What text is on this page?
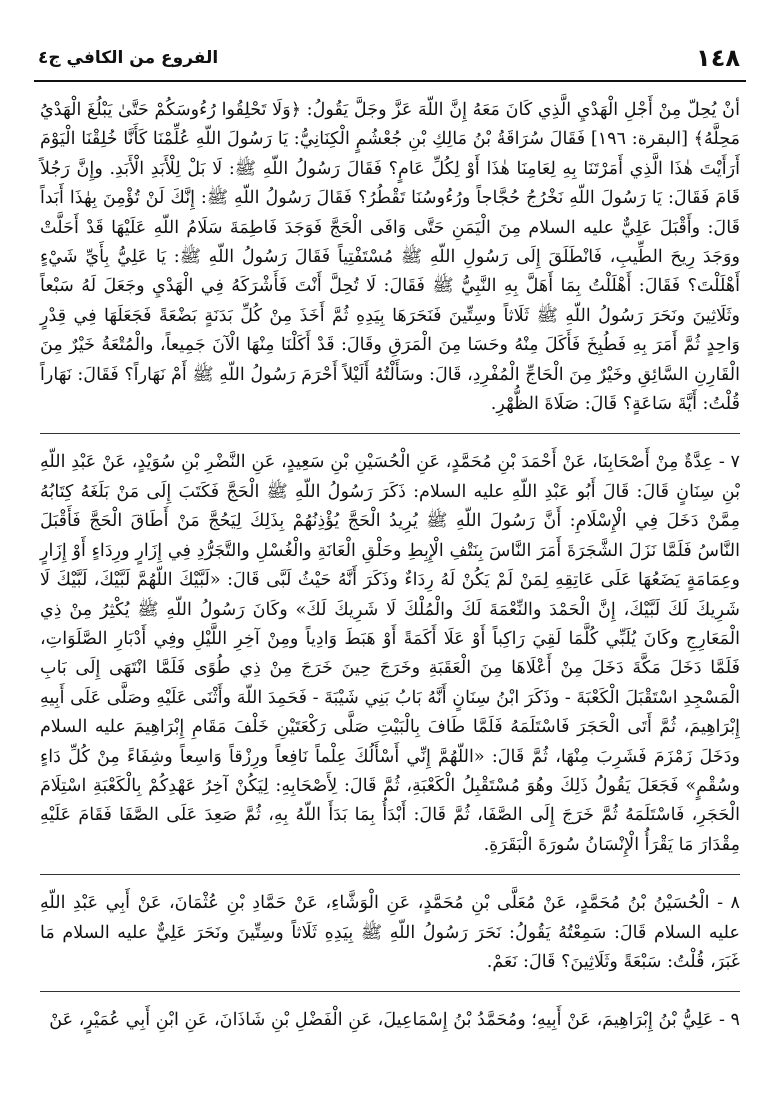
١٤٨
الفروع من الكافي ج٤

أنْ يُحِلّ مِنْ أَجْلِ الْهَدْيِ الَّذِي كَانَ مَعَهُ إِنَّ اللّهَ عَزَّ وجَلَّ يَقُولُ: ﴿وَلَا تَحْلِقُوا رُءُوسَكُمْ حَتَّىٰ يَبْلُغَ الْهَدْيُ مَحِلَّهُ﴾ [البقرة: ١٩٦] فَقَالَ سُرَاقَةُ بْنُ مَالِكِ بْنِ جُعْشُمٍ الْكِنَانِيُّ: يَا رَسُولَ اللّهِ عُلِّمْنَا كَأَنَّا خُلِقْنَا الْيَوْمَ أَرَأَيْتَ هٰذَا الَّذِي أَمَرْتَنَا بِهِ لِعَامِنَا هٰذَا أَوْ لِكُلِّ عَامٍ؟ فَقَالَ رَسُولُ اللّهِ ﷺ: لَا بَلْ لِلْأَبَدِ الْأَبَدِ. وإِنَّ رَجُلاً قَامَ فَقَالَ: يَا رَسُولَ اللّهِ نَخْرُجُ حُجَّاجاً ورُءُوسُنَا تَقْطُرُ؟ فَقَالَ رَسُولُ اللّهِ ﷺ: إِنَّكَ لَنْ تُؤْمِنَ بِهٰذَا أَبَداً قَالَ: وأَقْبَلَ عَلِيٌّ عليه السلام مِنَ الْيَمَنِ حَتَّى وَافَى الْحَجَّ فَوَجَدَ فَاطِمَةَ سَلَامُ اللّهِ عَلَيْهَا قَدْ أَحَلَّتْ ووَجَدَ رِيحَ الطِّيبِ، فَانْطَلَقَ إِلَى رَسُولِ اللّهِ ﷺ مُسْتَفْتِياً فَقَالَ رَسُولُ اللّهِ ﷺ: يَا عَلِيُّ بِأَيِّ شَيْءٍ أَهْلَلْتَ؟ فَقَالَ: أَهْلَلْتُ بِمَا أَهَلَّ بِهِ النَّبِيُّ ﷺ فَقَالَ: لَا تُحِلَّ أَنْتَ فَأَشْرَكَهُ فِي الْهَدْيِ وجَعَلَ لَهُ سَبْعاً وثَلَاثِينَ ونَحَرَ رَسُولُ اللّهِ ﷺ ثَلَاثاً وسِتِّينَ فَنَحَرَهَا بِيَدِهِ ثُمَّ أَخَذَ مِنْ كُلِّ بَدَنَةٍ بَضْعَةً فَجَعَلَهَا فِي قِدْرٍ وَاحِدٍ ثُمَّ أَمَرَ بِهِ فَطُبِخَ فَأَكَلَ مِنْهُ وحَسَا مِنَ الْمَرَقِ وقَالَ: قَدْ أَكَلْنَا مِنْهَا الْآنَ جَمِيعاً، والْمُتْعَةُ خَيْرٌ مِنَ الْقَارِنِ السَّائِقِ وخَيْرٌ مِنَ الْحَاجِّ الْمُفْرِدِ، قَالَ: وسَأَلْتُهُ أَلَيْلاً أَحْرَمَ رَسُولُ اللّهِ ﷺ أَمْ نَهَاراً؟ فَقَالَ: نَهَاراً قُلْتُ: أَيَّةَ سَاعَةٍ؟ قَالَ: صَلَاةَ الظُّهْرِ.

٧ - عِدَّةٌ مِنْ أَصْحَابِنَا، عَنْ أَحْمَدَ بْنِ مُحَمَّدٍ، عَنِ الْحُسَيْنِ بْنِ سَعِيدٍ، عَنِ النَّضْرِ بْنِ سُوَيْدٍ، عَنْ عَبْدِ اللّهِ بْنِ سِنَانٍ قَالَ: قَالَ أَبُو عَبْدِ اللّهِ عليه السلام: ذَكَرَ رَسُولُ اللّهِ ﷺ الْحَجَّ فَكَتَبَ إِلَى مَنْ بَلَغَهُ كِتَابُهُ مِمَّنْ دَخَلَ فِي الْإِسْلَامِ: أَنَّ رَسُولَ اللّهِ ﷺ يُرِيدُ الْحَجَّ يُؤْذِنُهُمْ بِذَلِكَ لِيَحُجَّ مَنْ أَطَاقَ الْحَجَّ فَأَقْبَلَ النَّاسُ فَلَمَّا نَزَلَ الشَّجَرَةَ أَمَرَ النَّاسَ بِنَتْفِ الْإِبِطِ وحَلْقِ الْعَانَةِ والْغُسْلِ والتَّجَرُّدِ فِي إِزَارٍ ورِدَاءٍ أَوْ إِزَارٍ وعِمَامَةٍ يَضَعُهَا عَلَى عَاتِقِهِ لِمَنْ لَمْ يَكُنْ لَهُ رِدَاءٌ وذَكَرَ أَنَّهُ حَيْثُ لَبَّى قَالَ: «لَبَّيْكَ اللّهُمَّ لَبَّيْكَ، لَبَّيْكَ لَا شَرِيكَ لَكَ لَبَّيْكَ، إِنَّ الْحَمْدَ والنِّعْمَةَ لَكَ والْمُلْكَ لَا شَرِيكَ لَكَ» وكَانَ رَسُولُ اللّهِ ﷺ يُكْثِرُ مِنْ ذِي الْمَعَارِجِ وكَانَ يُلَبِّي كُلَّمَا لَقِيَ رَاكِباً أَوْ عَلَا أَكَمَةً أَوْ هَبَطَ وَادِياً ومِنْ آخِرِ اللَّيْلِ وفِي أَدْبَارِ الصَّلَوَاتِ، فَلَمَّا دَخَلَ مَكَّةَ دَخَلَ مِنْ أَعْلَاهَا مِنَ الْعَقَبَةِ وخَرَجَ حِينَ خَرَجَ مِنْ ذِي طُوًى فَلَمَّا انْتَهَى إِلَى بَابِ الْمَسْجِدِ اسْتَقْبَلَ الْكَعْبَةَ - وذَكَرَ ابْنُ سِنَانٍ أَنَّهُ بَابُ بَنِي شَيْبَةَ - فَحَمِدَ اللّهَ وأَثْنَى عَلَيْهِ وصَلَّى عَلَى أَبِيهِ إِبْرَاهِيمَ، ثُمَّ أَتَى الْحَجَرَ فَاسْتَلَمَهُ فَلَمَّا طَافَ بِالْبَيْتِ صَلَّى رَكْعَتَيْنِ خَلْفَ مَقَامِ إِبْرَاهِيمَ عليه السلام ودَخَلَ زَمْزَمَ فَشَرِبَ مِنْهَا، ثُمَّ قَالَ: «اللّهُمَّ إِنِّي أَسْأَلُكَ عِلْماً نَافِعاً ورِزْقاً وَاسِعاً وشِفَاءً مِنْ كُلِّ دَاءٍ وسُقْمٍ» فَجَعَلَ يَقُولُ ذَلِكَ وهُوَ مُسْتَقْبِلُ الْكَعْبَةِ، ثُمَّ قَالَ: لِأَصْحَابِهِ: لِيَكُنْ آخِرُ عَهْدِكُمْ بِالْكَعْبَةِ اسْتِلَامَ الْحَجَرِ، فَاسْتَلَمَهُ ثُمَّ خَرَجَ إِلَى الصَّفَا، ثُمَّ قَالَ: أَبْدَأُ بِمَا بَدَأَ اللّهُ بِهِ، ثُمَّ صَعِدَ عَلَى الصَّفَا فَقَامَ عَلَيْهِ مِقْدَارَ مَا يَقْرَأُ الْإِنْسَانُ سُورَةَ الْبَقَرَةِ.

٨ - الْحُسَيْنُ بْنُ مُحَمَّدٍ، عَنْ مُعَلَّى بْنِ مُحَمَّدٍ، عَنِ الْوَشَّاءِ، عَنْ حَمَّادِ بْنِ عُثْمَانَ، عَنْ أَبِي عَبْدِ اللّهِ عليه السلام قَالَ: سَمِعْتُهُ يَقُولُ: نَحَرَ رَسُولُ اللّهِ ﷺ بِيَدِهِ ثَلَاثاً وسِتِّينَ ونَحَرَ عَلِيٌّ عليه السلام مَا غَبَرَ، قُلْتُ: سَبْعَةً وثَلَاثِينَ؟ قَالَ: نَعَمْ.

٩ - عَلِيُّ بْنُ إِبْرَاهِيمَ، عَنْ أَبِيهِ؛ ومُحَمَّدُ بْنُ إِسْمَاعِيلَ، عَنِ الْفَضْلِ بْنِ شَاذَانَ، عَنِ ابْنِ أَبِي عُمَيْرٍ، عَنْ
